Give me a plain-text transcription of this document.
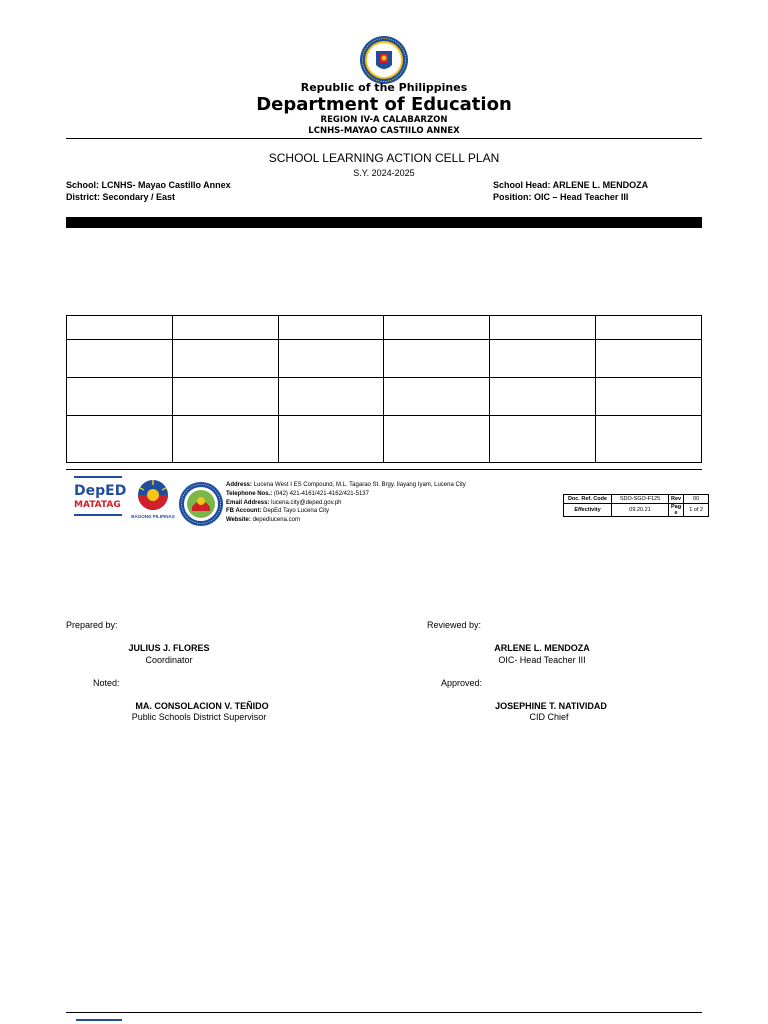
Republic of the Philippines
Department of Education
REGION IV-A CALABARZON
LCNHS-MAYAO CASTIILO ANNEX
SCHOOL LEARNING ACTION CELL PLAN
S.Y. 2024-2025
School: LCNHS- Mayao Castillo Annex
District: Secondary / East
School Head: ARLENE L. MENDOZA
Position: OIC – Head Teacher III

DepED
MATATAG
BAGONG PILIPINAS
Address: Lucena West I ES Compound, M.L. Tagarao St. Brgy. Ilayang Iyam, Lucena City
Telephone Nos.: (042) 421-4161/421-4162/421-5137
Email Address: lucena.city@deped.gov.ph
FB Account: DepEd Tayo Lucena City
Website: depedlucena.com
Doc. Ref. Code	SDO-SGO-F125	Rev	00
Effectivity	09.20.21	Pag e	1 of 2
Prepared by:
JULIUS J. FLORES
Coordinator
Reviewed by:
ARLENE L. MENDOZA
OIC- Head Teacher III
Noted:
MA. CONSOLACION V. TEÑIDO
Public Schools District Supervisor
Approved:
JOSEPHINE T. NATIVIDAD
CID Chief
